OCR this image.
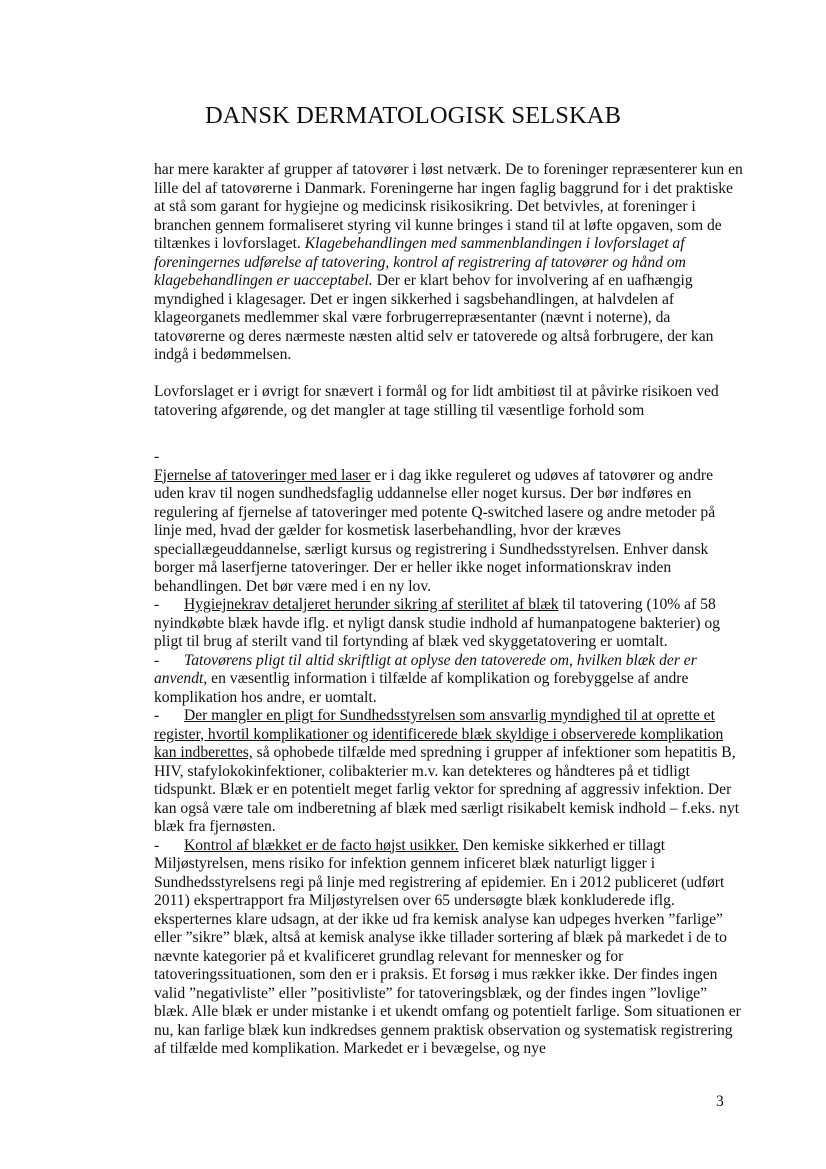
DANSK DERMATOLOGISK SELSKAB

har mere karakter af grupper af tatovører i løst netværk. De to foreninger repræsenterer kun en lille del af tatovørerne i Danmark. Foreningerne har ingen faglig baggrund for i det praktiske at stå som garant for hygiejne og medicinsk risikosikring. Det betvivles, at foreninger i branchen gennem formaliseret styring vil kunne bringes i stand til at løfte opgaven, som de tiltænkes i lovforslaget. Klagebehandlingen med sammenblandingen i lovforslaget af foreningernes udførelse af tatovering, kontrol af registrering af tatovører og hånd om klagebehandlingen er uacceptabel. Der er klart behov for involvering af en uafhængig myndighed i klagesager. Det er ingen sikkerhed i sagsbehandlingen, at halvdelen af klageorganets medlemmer skal være forbrugerrepræsentanter (nævnt i noterne), da tatovørerne og deres nærmeste næsten altid selv er tatoverede og altså forbrugere, der kan indgå i bedømmelsen.

Lovforslaget er i øvrigt for snævert i formål og for lidt ambitiøst til at påvirke risikoen ved tatovering afgørende, og det mangler at tage stilling til væsentlige forhold som

-

Fjernelse af tatoveringer med laser er i dag ikke reguleret og udøves af tatovører og andre uden krav til nogen sundhedsfaglig uddannelse eller noget kursus. Der bør indføres en regulering af fjernelse af tatoveringer med potente Q-switched lasere og andre metoder på linje med, hvad der gælder for kosmetisk laserbehandling, hvor der kræves speciallægeuddannelse, særligt kursus og registrering i Sundhedsstyrelsen. Enhver dansk borger må laserfjerne tatoveringer. Der er heller ikke noget informationskrav inden behandlingen. Det bør være med i en ny lov.

- Hygiejnekrav detaljeret herunder sikring af sterilitet af blæk til tatovering (10% af 58 nyindkøbte blæk havde iflg. et nyligt dansk studie indhold af humanpatogene bakterier) og pligt til brug af sterilt vand til fortynding af blæk ved skyggetatovering er uomtalt.

- Tatovørens pligt til altid skriftligt at oplyse den tatoverede om, hvilken blæk der er anvendt, en væsentlig information i tilfælde af komplikation og forebyggelse af andre komplikation hos andre, er uomtalt.

- Der mangler en pligt for Sundhedsstyrelsen som ansvarlig myndighed til at oprette et register, hvortil komplikationer og identificerede blæk skyldige i observerede komplikation kan indberettes, så ophobede tilfælde med spredning i grupper af infektioner som hepatitis B, HIV, stafylokokinfektioner, colibakterier m.v. kan detekteres og håndteres på et tidligt tidspunkt. Blæk er en potentielt meget farlig vektor for spredning af aggressiv infektion. Der kan også være tale om indberetning af blæk med særligt risikabelt kemisk indhold – f.eks. nyt blæk fra fjernøsten.

- Kontrol af blækket er de facto højst usikker. Den kemiske sikkerhed er tillagt Miljøstyrelsen, mens risiko for infektion gennem inficeret blæk naturligt ligger i Sundhedsstyrelsens regi på linje med registrering af epidemier. En i 2012 publiceret (udført 2011) ekspertrapport fra Miljøstyrelsen over 65 undersøgte blæk konkluderede iflg. eksperternes klare udsagn, at der ikke ud fra kemisk analyse kan udpeges hverken ”farlige” eller ”sikre” blæk, altså at kemisk analyse ikke tillader sortering af blæk på markedet i de to nævnte kategorier på et kvalificeret grundlag relevant for mennesker og for tatoveringssituationen, som den er i praksis. Et forsøg i mus rækker ikke. Der findes ingen valid ”negativliste” eller ”positivliste” for tatoveringsblæk, og der findes ingen ”lovlige” blæk. Alle blæk er under mistanke i et ukendt omfang og potentielt farlige. Som situationen er nu, kan farlige blæk kun indkredses gennem praktisk observation og systematisk registrering af tilfælde med komplikation. Markedet er i bevægelse, og nye

3
